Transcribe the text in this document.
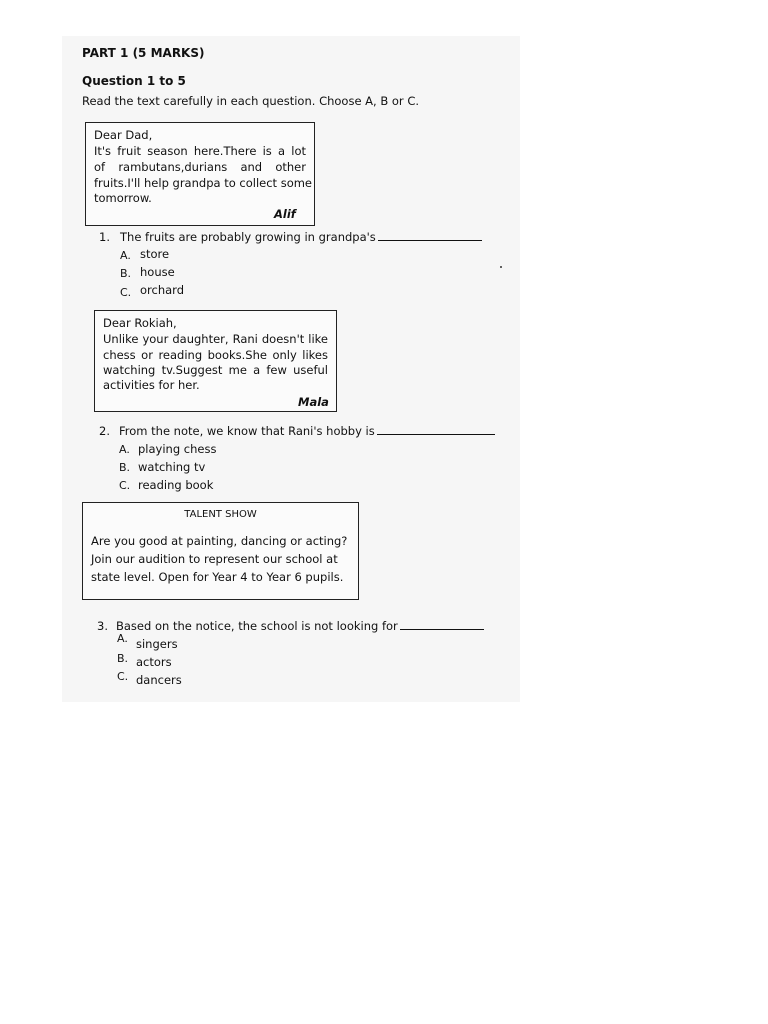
PART 1 (5 MARKS)
Question 1 to 5
Read the text carefully in each question. Choose A, B or C.
Dear Dad,
It's fruit season here.There is a lot
of rambutans,durians and other
fruits.I'll help grandpa to collect some
tomorrow.
Alif
1. The fruits are probably growing in grandpa's
A. store
B. house
C. orchard
Dear Rokiah,
Unlike your daughter, Rani doesn't like
chess or reading books.She only likes
watching tv.Suggest me a few useful
activities for her.
Mala
2. From the note, we know that Rani's hobby is
A. playing chess
B. watching tv
C. reading book
TALENT SHOW
Are you good at painting, dancing or acting?
Join our audition to represent our school at
state level. Open for Year 4 to Year 6 pupils.
3. Based on the notice, the school is not looking for
A. singers
B. actors
C. dancers
